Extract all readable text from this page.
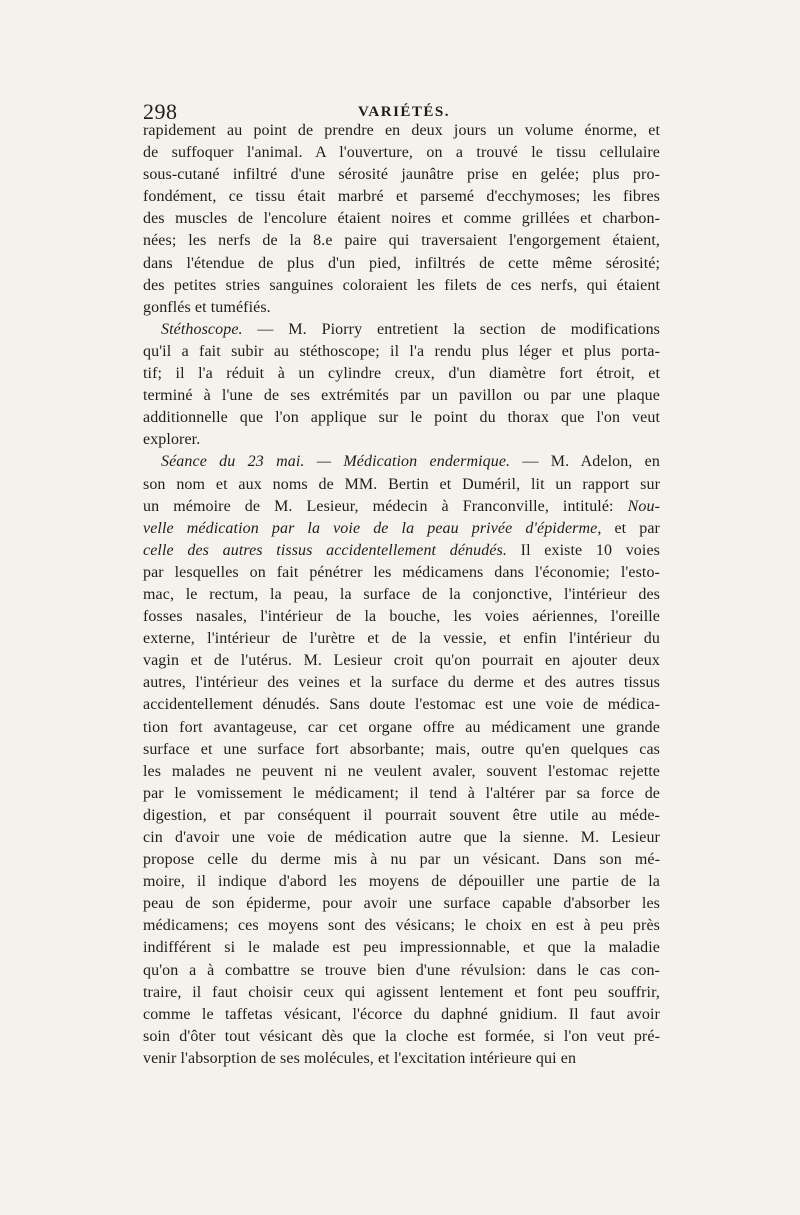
298	VARIÉTÉS.
rapidement au point de prendre en deux jours un volume énorme, et
de suffoquer l'animal. A l'ouverture, on a trouvé le tissu cellulaire
sous-cutané infiltré d'une sérosité jaunâtre prise en gelée; plus pro-
fondément, ce tissu était marbré et parsemé d'ecchymoses; les fibres
des muscles de l'encolure étaient noires et comme grillées et charbon-
nées; les nerfs de la 8.e paire qui traversaient l'engorgement étaient,
dans l'étendue de plus d'un pied, infiltrés de cette même sérosité;
des petites stries sanguines coloraient les filets de ces nerfs, qui étaient
gonflés et tuméfiés.
Stéthoscope. — M. Piorry entretient la section de modifications
qu'il a fait subir au stéthoscope; il l'a rendu plus léger et plus porta-
tif; il l'a réduit à un cylindre creux, d'un diamètre fort étroit, et
terminé à l'une de ses extrémités par un pavillon ou par une plaque
additionnelle que l'on applique sur le point du thorax que l'on veut
explorer.
Séance du 23 mai. — Médication endermique. — M. Adelon, en
son nom et aux noms de MM. Bertin et Duméril, lit un rapport sur
un mémoire de M. Lesieur, médecin à Franconville, intitulé: Nou-
velle médication par la voie de la peau privée d'épiderme, et par
celle des autres tissus accidentellement dénudés. Il existe 10 voies
par lesquelles on fait pénétrer les médicamens dans l'économie; l'esto-
mac, le rectum, la peau, la surface de la conjonctive, l'intérieur des
fosses nasales, l'intérieur de la bouche, les voies aériennes, l'oreille
externe, l'intérieur de l'urètre et de la vessie, et enfin l'intérieur du
vagin et de l'utérus. M. Lesieur croit qu'on pourrait en ajouter deux
autres, l'intérieur des veines et la surface du derme et des autres tissus
accidentellement dénudés. Sans doute l'estomac est une voie de médica-
tion fort avantageuse, car cet organe offre au médicament une grande
surface et une surface fort absorbante; mais, outre qu'en quelques cas
les malades ne peuvent ni ne veulent avaler, souvent l'estomac rejette
par le vomissement le médicament; il tend à l'altérer par sa force de
digestion, et par conséquent il pourrait souvent être utile au méde-
cin d'avoir une voie de médication autre que la sienne. M. Lesieur
propose celle du derme mis à nu par un vésicant. Dans son mé-
moire, il indique d'abord les moyens de dépouiller une partie de la
peau de son épiderme, pour avoir une surface capable d'absorber les
médicamens; ces moyens sont des vésicans; le choix en est à peu près
indifférent si le malade est peu impressionnable, et que la maladie
qu'on a à combattre se trouve bien d'une révulsion: dans le cas con-
traire, il faut choisir ceux qui agissent lentement et font peu souffrir,
comme le taffetas vésicant, l'écorce du daphné gnidium. Il faut avoir
soin d'ôter tout vésicant dès que la cloche est formée, si l'on veut pré-
venir l'absorption de ses molécules, et l'excitation intérieure qui en
